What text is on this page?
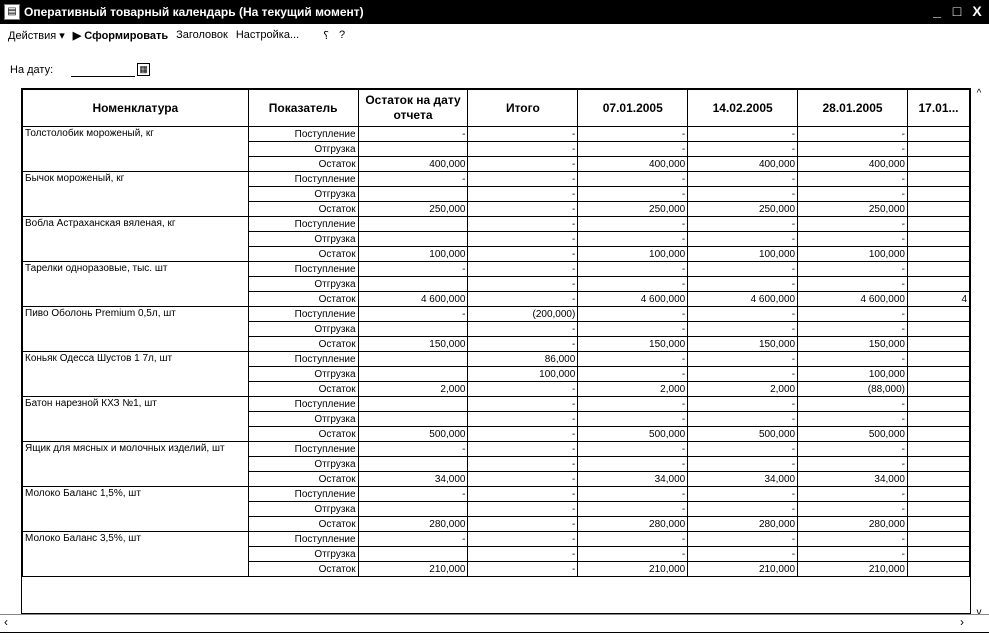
▤ Оперативный товарный календарь (На текущий момент)	_ □ X
Действия ▾ ▶ Сформировать Заголовок Настройка... ⸮ ?
На дату:	▦
Номенклатура	Показатель	Остаток на дату отчета	Итого	07.01.2005	14.02.2005	28.01.2005	17.01...
Толстолобик мороженый, кг	Поступление	-	-	-	-	-	
	Отгрузка		-	-	-	-	
	Остаток	400,000	-	400,000	400,000	400,000	
Бычок мороженый, кг	Поступление	-	-	-	-	-	
	Отгрузка		-	-	-	-	
	Остаток	250,000	-	250,000	250,000	250,000	
Вобла Астраханская вяленая, кг	Поступление		-	-	-	-	
	Отгрузка		-	-	-	-	
	Остаток	100,000	-	100,000	100,000	100,000	
Тарелки одноразовые, тыс. шт	Поступление	-	-	-	-	-	
	Отгрузка		-	-	-	-	
	Остаток	4 600,000	-	4 600,000	4 600,000	4 600,000	4
Пиво Оболонь Premium 0,5л, шт	Поступление	-	(200,000)	-	-	-	
	Отгрузка		-	-	-	-	
	Остаток	150,000	-	150,000	150,000	150,000	
Коньяк Одесса Шустов 1 7л, шт	Поступление		86,000	-	-	-	
	Отгрузка		100,000	-	-	100,000	
	Остаток	2,000	-	2,000	2,000	(88,000)	
Батон нарезной КХЗ №1, шт	Поступление		-	-	-	-	
	Отгрузка		-	-	-	-	
	Остаток	500,000	-	500,000	500,000	500,000	
Ящик для мясных и молочных изделий, шт	Поступление	-	-	-	-	-	
	Отгрузка		-	-	-	-	
	Остаток	34,000	-	34,000	34,000	34,000	
Молоко Баланс 1,5%, шт	Поступление	-	-	-	-	-	
	Отгрузка		-	-	-	-	
	Остаток	280,000	-	280,000	280,000	280,000	
Молоко Баланс 3,5%, шт	Поступление	-	-	-	-	-	
	Отгрузка		-	-	-	-	
	Остаток	210,000	-	210,000	210,000	210,000	
^
v
‹	›
